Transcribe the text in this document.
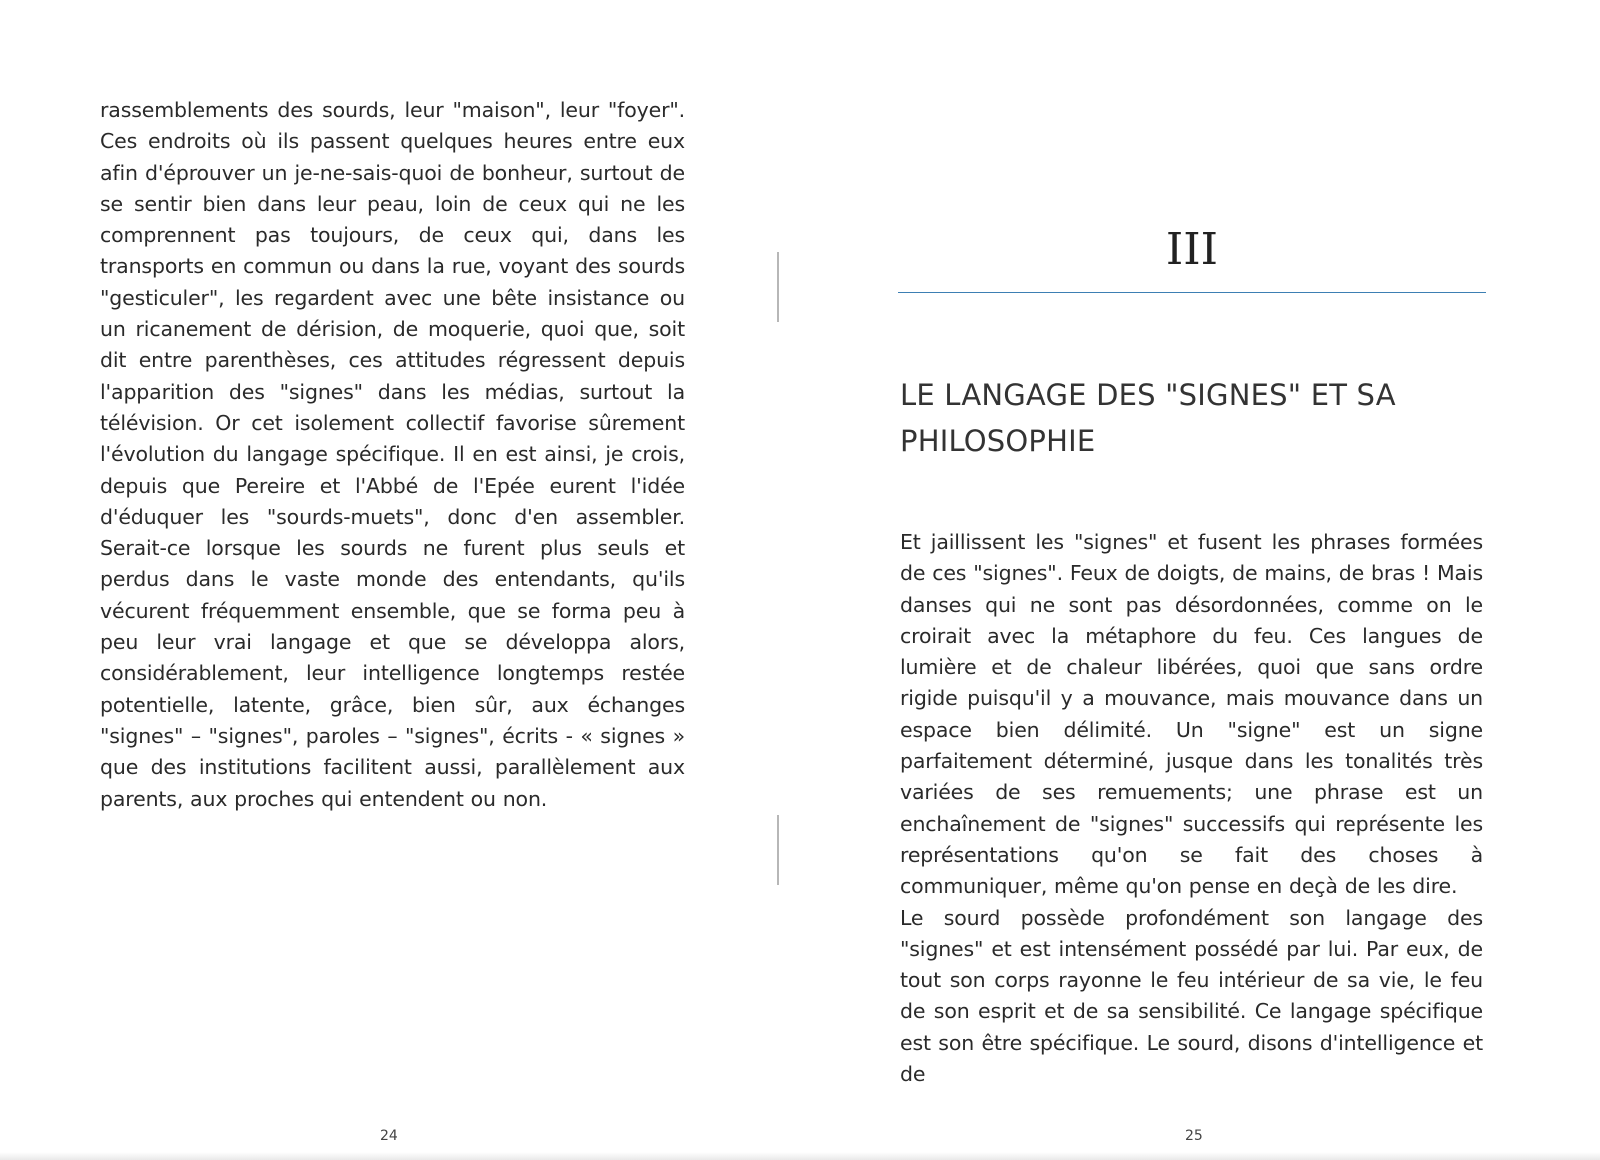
rassemblements des sourds, leur "maison", leur "foyer". Ces endroits où ils passent quelques heures entre eux afin d'éprouver un je-ne-sais-quoi de bonheur, surtout de se sentir bien dans leur peau, loin de ceux qui ne les comprennent pas toujours, de ceux qui, dans les transports en commun ou dans la rue, voyant des sourds "gesticuler", les regardent avec une bête insistance ou un ricanement de dérision, de moquerie, quoi que, soit dit entre parenthèses, ces attitudes régressent depuis l'apparition des "signes" dans les médias, surtout la télévision. Or cet isolement collectif favorise sûrement l'évolution du langage spécifique. Il en est ainsi, je crois, depuis que Pereire et l'Abbé de l'Epée eurent l'idée d'éduquer les "sourds-muets", donc d'en assembler. Serait-ce lorsque les sourds ne furent plus seuls et perdus dans le vaste monde des entendants, qu'ils vécurent fréquemment ensemble, que se forma peu à peu leur vrai langage et que se développa alors, considérablement, leur intelligence longtemps restée potentielle, latente, grâce, bien sûr, aux échanges "signes" – "signes", paroles – "signes", écrits - « signes » que des institutions facilitent aussi, parallèlement aux parents, aux proches qui entendent ou non.

24
III
LE LANGAGE DES "SIGNES" ET SA PHILOSOPHIE

Et jaillissent les "signes" et fusent les phrases formées de ces "signes". Feux de doigts, de mains, de bras ! Mais danses qui ne sont pas désordonnées, comme on le croirait avec la métaphore du feu. Ces langues de lumière et de chaleur libérées, quoi que sans ordre rigide puisqu'il y a mouvance, mais mouvance dans un espace bien délimité. Un "signe" est un signe parfaitement déterminé, jusque dans les tonalités très variées de ses remuements; une phrase est un enchaînement de "signes" successifs qui représente les représentations qu'on se fait des choses à communiquer, même qu'on pense en deçà de les dire.

Le sourd possède profondément son langage des "signes" et est intensément possédé par lui. Par eux, de tout son corps rayonne le feu intérieur de sa vie, le feu de son esprit et de sa sensibilité. Ce langage spécifique est son être spécifique. Le sourd, disons d'intelligence et de

25
